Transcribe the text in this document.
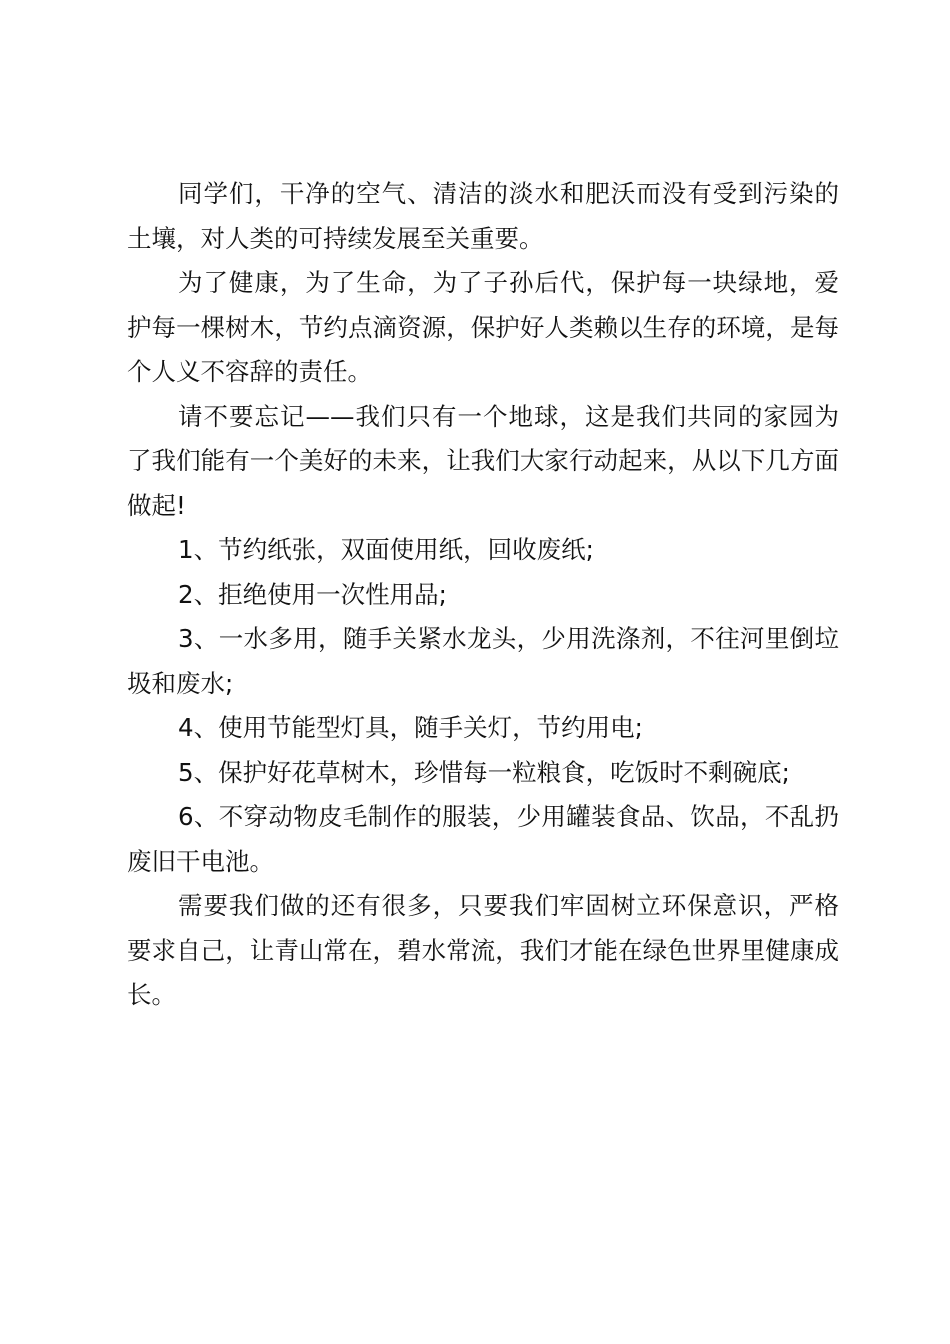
同学们，干净的空气、清洁的淡水和肥沃而没有受到污染的土壤，对人类的可持续发展至关重要。

为了健康，为了生命，为了子孙后代，保护每一块绿地，爱护每一棵树木，节约点滴资源，保护好人类赖以生存的环境，是每个人义不容辞的责任。

请不要忘记——我们只有一个地球，这是我们共同的家园为了我们能有一个美好的未来，让我们大家行动起来，从以下几方面做起!

1、节约纸张，双面使用纸，回收废纸;

2、拒绝使用一次性用品;

3、一水多用，随手关紧水龙头，少用洗涤剂，不往河里倒垃圾和废水;

4、使用节能型灯具，随手关灯，节约用电;

5、保护好花草树木，珍惜每一粒粮食，吃饭时不剩碗底;

6、不穿动物皮毛制作的服装，少用罐装食品、饮品，不乱扔废旧干电池。

需要我们做的还有很多，只要我们牢固树立环保意识，严格要求自己，让青山常在，碧水常流，我们才能在绿色世界里健康成长。
